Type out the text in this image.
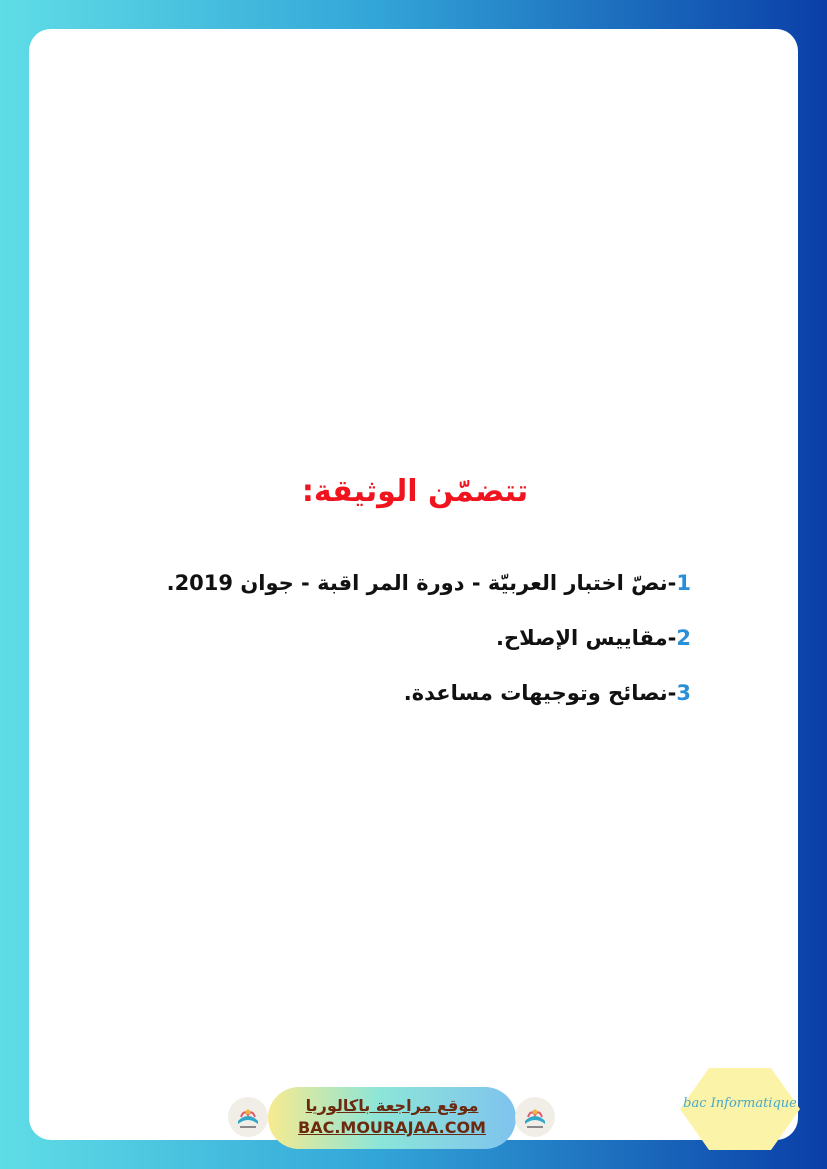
تتضمّن الوثيقة:
1-نصّ اختبار العربيّة - دورة المر اقبة - جوان 2019.
2-مقاييس الإصلاح.
3-نصائح وتوجيهات مساعدة.
موقع مراجعة باكالوريا
BAC.MOURAJAA.COM
bac Informatique
